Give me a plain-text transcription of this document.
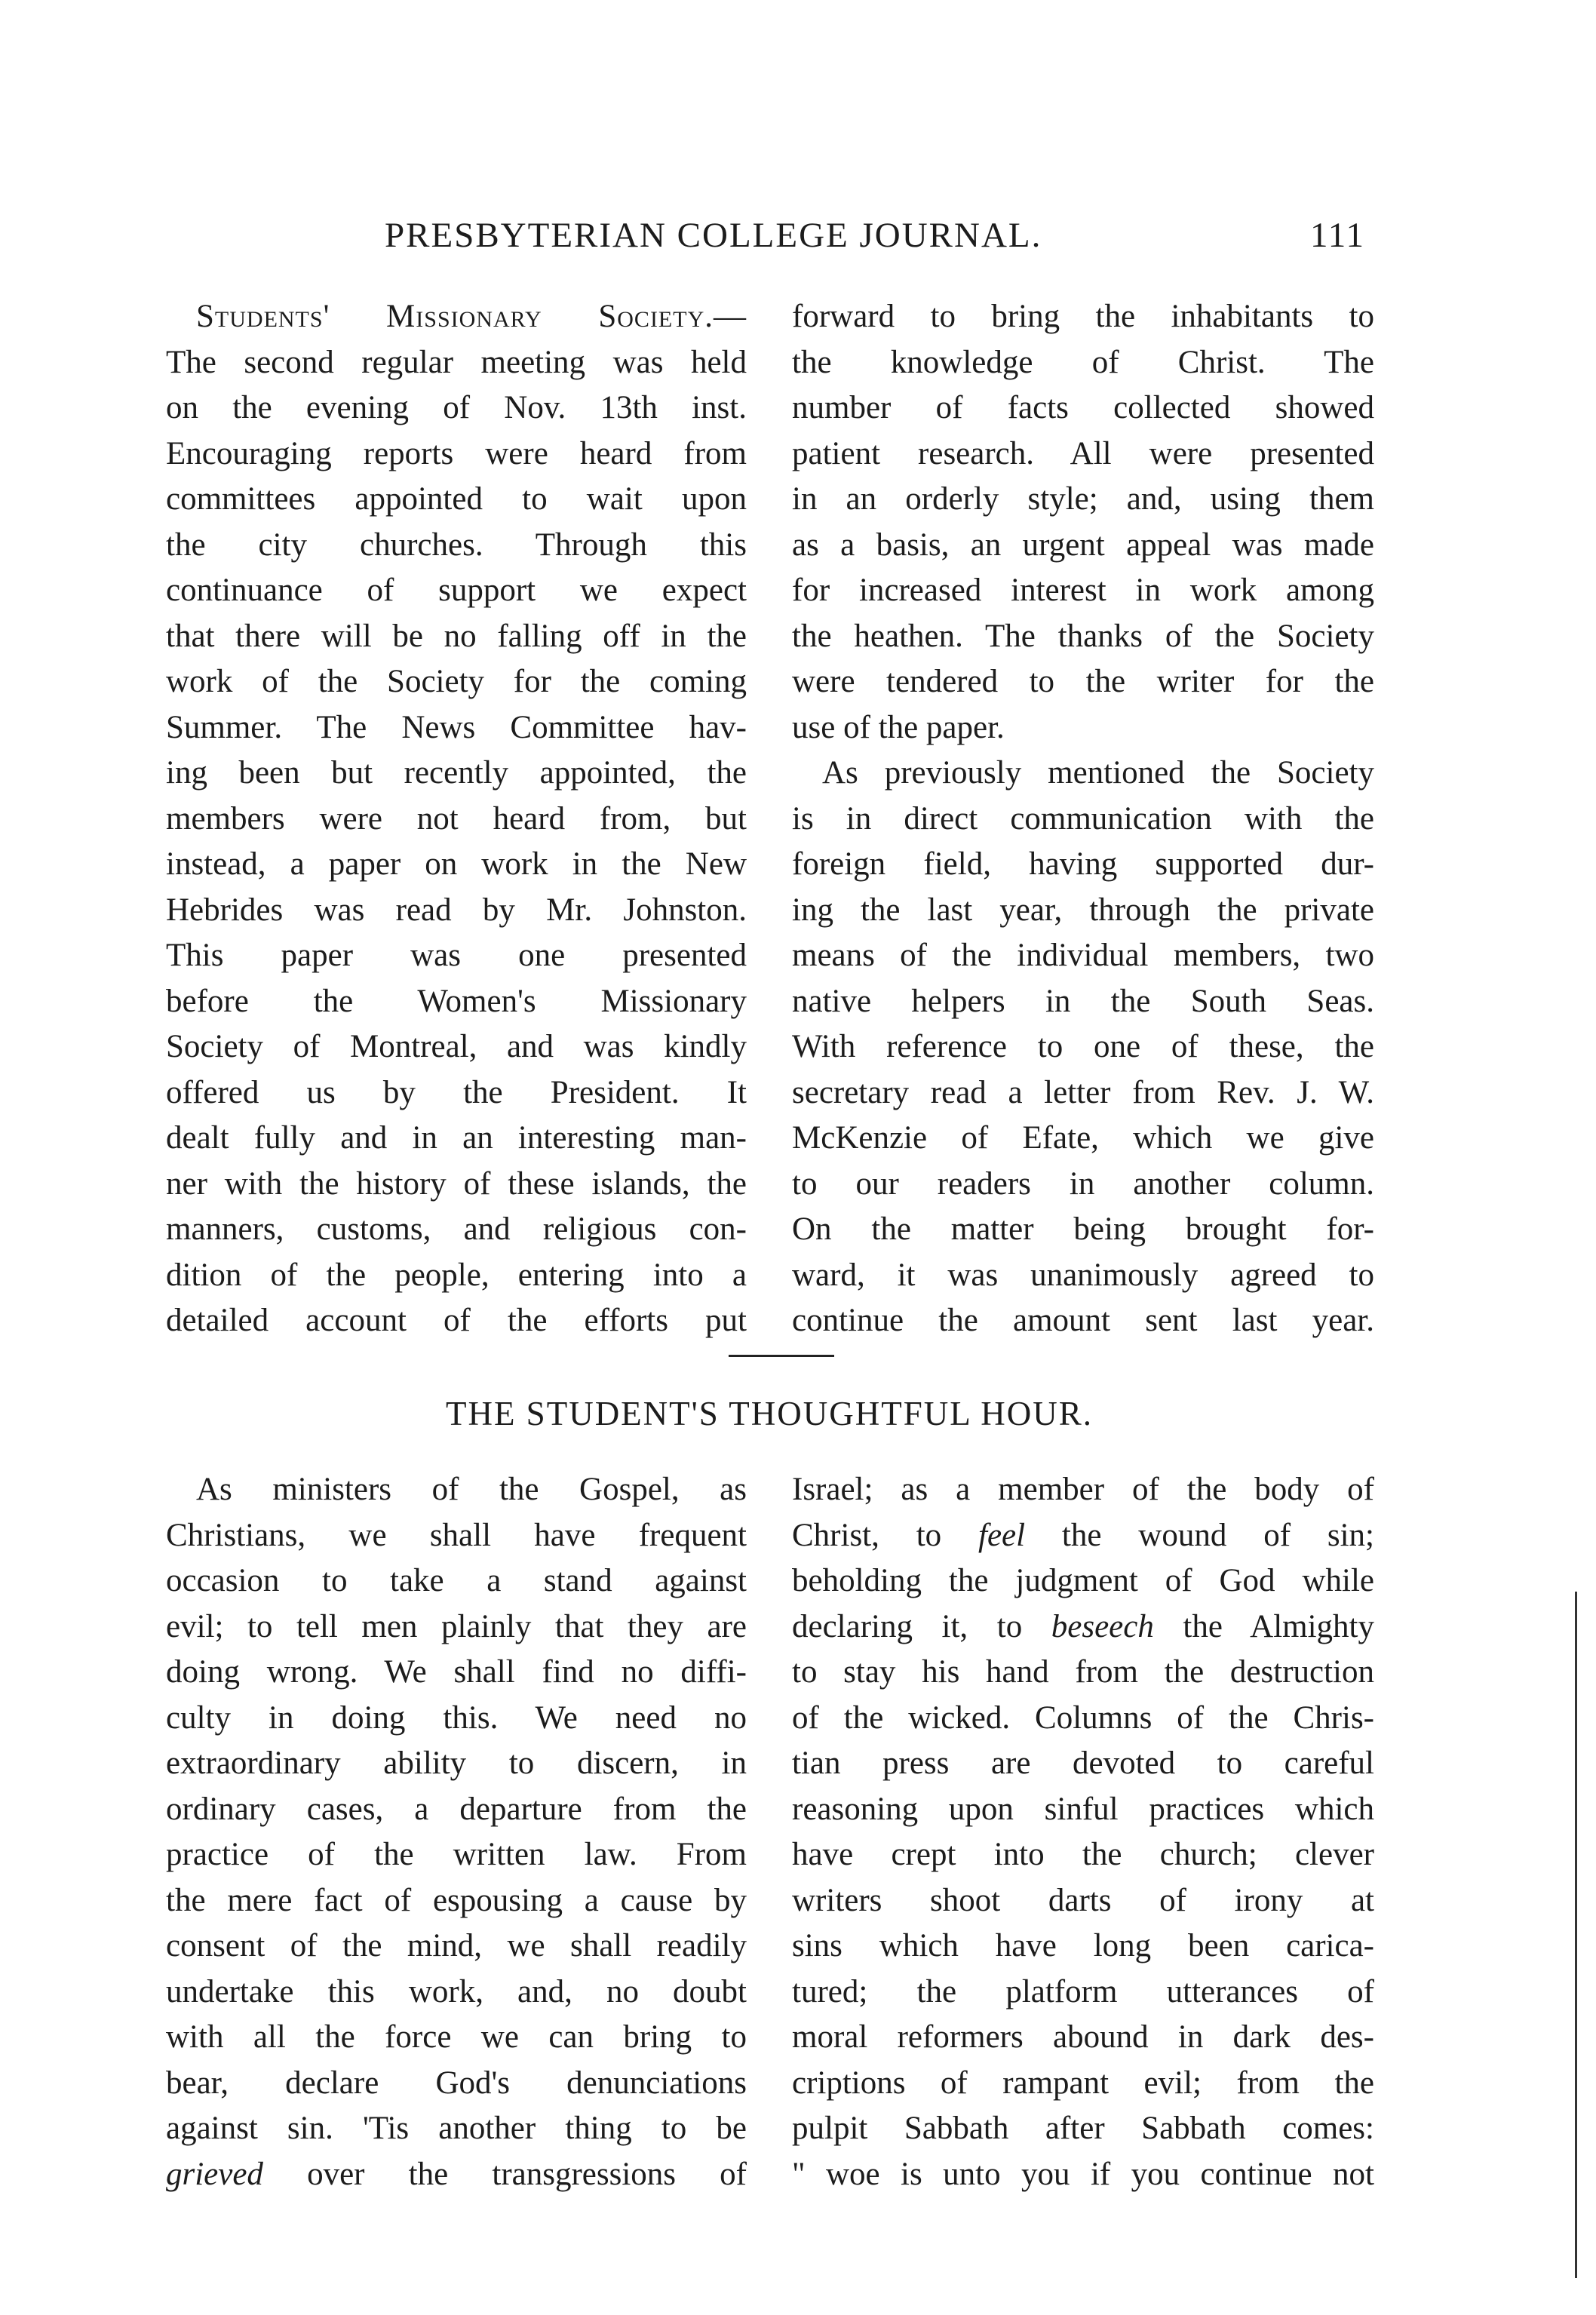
PRESBYTERIAN COLLEGE JOURNAL.	111
Students' Missionary Society.—
The second regular meeting was held
on the evening of Nov. 13th inst.
Encouraging reports were heard from
committees appointed to wait upon
the city churches. Through this
continuance of support we expect
that there will be no falling off in the
work of the Society for the coming
Summer. The News Committee hav-
ing been but recently appointed, the
members were not heard from, but
instead, a paper on work in the New
Hebrides was read by Mr. Johnston.
This paper was one presented
before the Women's Missionary
Society of Montreal, and was kindly
offered us by the President. It
dealt fully and in an interesting man-
ner with the history of these islands, the
manners, customs, and religious con-
dition of the people, entering into a
detailed account of the efforts put
forward to bring the inhabitants to
the knowledge of Christ. The
number of facts collected showed
patient research. All were presented
in an orderly style; and, using them
as a basis, an urgent appeal was made
for increased interest in work among
the heathen. The thanks of the Society
were tendered to the writer for the
use of the paper.
As previously mentioned the Society
is in direct communication with the
foreign field, having supported dur-
ing the last year, through the private
means of the individual members, two
native helpers in the South Seas.
With reference to one of these, the
secretary read a letter from Rev. J. W.
McKenzie of Efate, which we give
to our readers in another column.
On the matter being brought for-
ward, it was unanimously agreed to
continue the amount sent last year.
THE STUDENT'S THOUGHTFUL HOUR.
As ministers of the Gospel, as
Christians, we shall have frequent
occasion to take a stand against
evil; to tell men plainly that they are
doing wrong. We shall find no diffi-
culty in doing this. We need no
extraordinary ability to discern, in
ordinary cases, a departure from the
practice of the written law. From
the mere fact of espousing a cause by
consent of the mind, we shall readily
undertake this work, and, no doubt
with all the force we can bring to
bear, declare God's denunciations
against sin. 'Tis another thing to be
grieved over the transgressions of
Israel; as a member of the body of
Christ, to feel the wound of sin;
beholding the judgment of God while
declaring it, to beseech the Almighty
to stay his hand from the destruction
of the wicked. Columns of the Chris-
tian press are devoted to careful
reasoning upon sinful practices which
have crept into the church; clever
writers shoot darts of irony at
sins which have long been carica-
tured; the platform utterances of
moral reformers abound in dark des-
criptions of rampant evil; from the
pulpit Sabbath after Sabbath comes:
" woe is unto you if you continue not
